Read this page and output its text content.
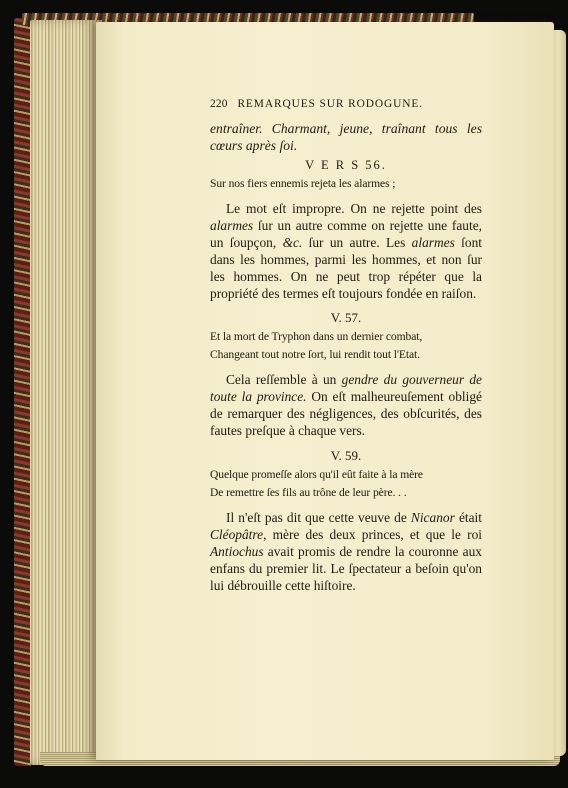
220 REMARQUES SUR RODOGUNE.
entraîner. Charmant, jeune, traînant tous les cœurs après ſoi.
V E R S 56.
Sur nos fiers ennemis rejeta les alarmes ;
Le mot eſt impropre. On ne rejette point des alarmes ſur un autre comme on rejette une faute, un ſoupçon, &c. ſur un autre. Les alarmes ſont dans les hommes, parmi les hommes, et non ſur les hommes. On ne peut trop répéter que la propriété des termes eſt toujours fondée en raiſon.
V. 57.
Et la mort de Tryphon dans un dernier combat,
Changeant tout notre ſort, lui rendit tout l'Etat.
Cela reſſemble à un gendre du gouverneur de toute la province. On eſt malheureuſement obligé de remarquer des négligences, des obſcurités, des fautes preſque à chaque vers.
V. 59.
Quelque promeſſe alors qu'il eût faite à la mère
De remettre ſes fils au trône de leur père. . .
Il n'eſt pas dit que cette veuve de Nicanor était Cléopâtre, mère des deux princes, et que le roi Antiochus avait promis de rendre la couronne aux enfans du premier lit. Le ſpectateur a beſoin qu'on lui débrouille cette hiſtoire.
